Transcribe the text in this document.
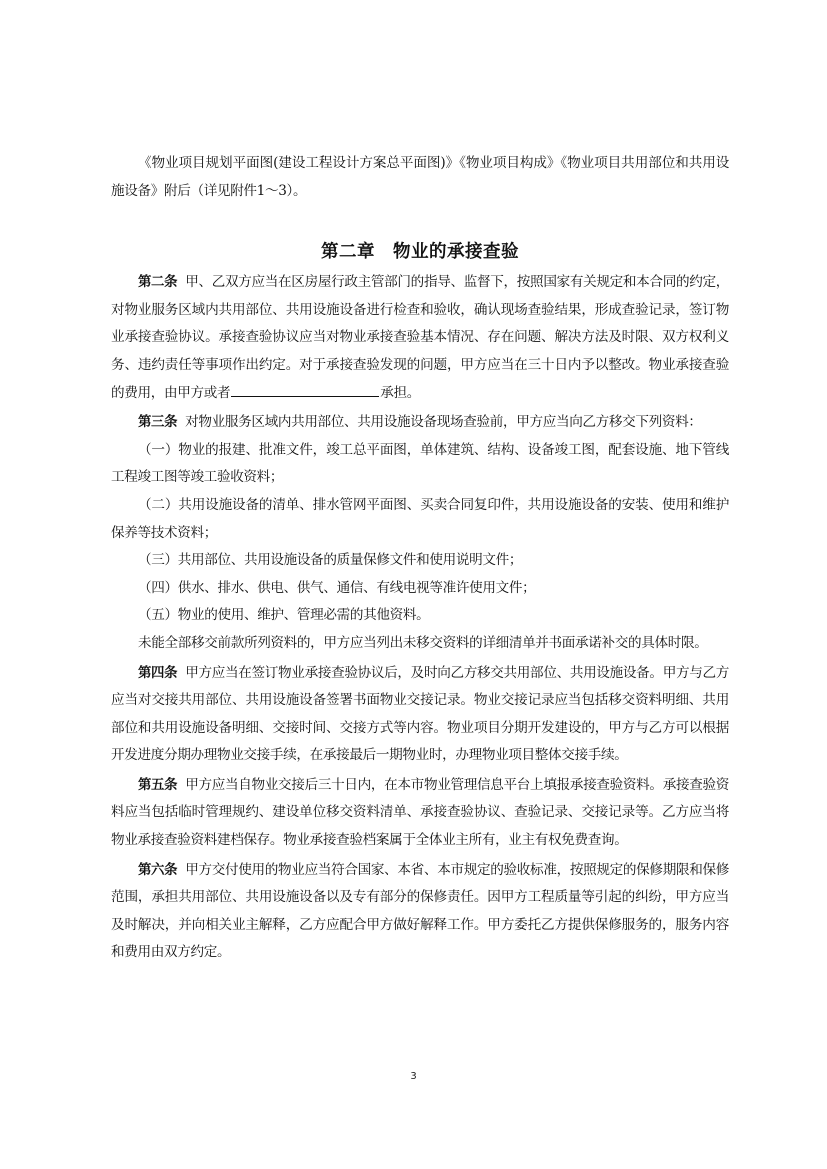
《物业项目规划平面图(建设工程设计方案总平面图)》《物业项目构成》《物业项目共用部位和共用设施设备》附后（详见附件1～3）。

第二章 物业的承接查验

第二条 甲、乙双方应当在区房屋行政主管部门的指导、监督下，按照国家有关规定和本合同的约定，对物业服务区域内共用部位、共用设施设备进行检查和验收，确认现场查验结果，形成查验记录，签订物业承接查验协议。承接查验协议应当对物业承接查验基本情况、存在问题、解决方法及时限、双方权利义务、违约责任等事项作出约定。对于承接查验发现的问题，甲方应当在三十日内予以整改。物业承接查验的费用，由甲方或者	承担。

第三条 对物业服务区域内共用部位、共用设施设备现场查验前，甲方应当向乙方移交下列资料：

（一）物业的报建、批准文件，竣工总平面图，单体建筑、结构、设备竣工图，配套设施、地下管线工程竣工图等竣工验收资料；

（二）共用设施设备的清单、排水管网平面图、买卖合同复印件，共用设施设备的安装、使用和维护保养等技术资料；

（三）共用部位、共用设施设备的质量保修文件和使用说明文件；

（四）供水、排水、供电、供气、通信、有线电视等准许使用文件；

（五）物业的使用、维护、管理必需的其他资料。

未能全部移交前款所列资料的，甲方应当列出未移交资料的详细清单并书面承诺补交的具体时限。

第四条 甲方应当在签订物业承接查验协议后，及时向乙方移交共用部位、共用设施设备。甲方与乙方应当对交接共用部位、共用设施设备签署书面物业交接记录。物业交接记录应当包括移交资料明细、共用部位和共用设施设备明细、交接时间、交接方式等内容。物业项目分期开发建设的，甲方与乙方可以根据开发进度分期办理物业交接手续，在承接最后一期物业时，办理物业项目整体交接手续。

第五条 甲方应当自物业交接后三十日内，在本市物业管理信息平台上填报承接查验资料。承接查验资料应当包括临时管理规约、建设单位移交资料清单、承接查验协议、查验记录、交接记录等。乙方应当将物业承接查验资料建档保存。物业承接查验档案属于全体业主所有，业主有权免费查询。

第六条 甲方交付使用的物业应当符合国家、本省、本市规定的验收标准，按照规定的保修期限和保修范围，承担共用部位、共用设施设备以及专有部分的保修责任。因甲方工程质量等引起的纠纷，甲方应当及时解决，并向相关业主解释，乙方应配合甲方做好解释工作。甲方委托乙方提供保修服务的，服务内容和费用由双方约定。

3
